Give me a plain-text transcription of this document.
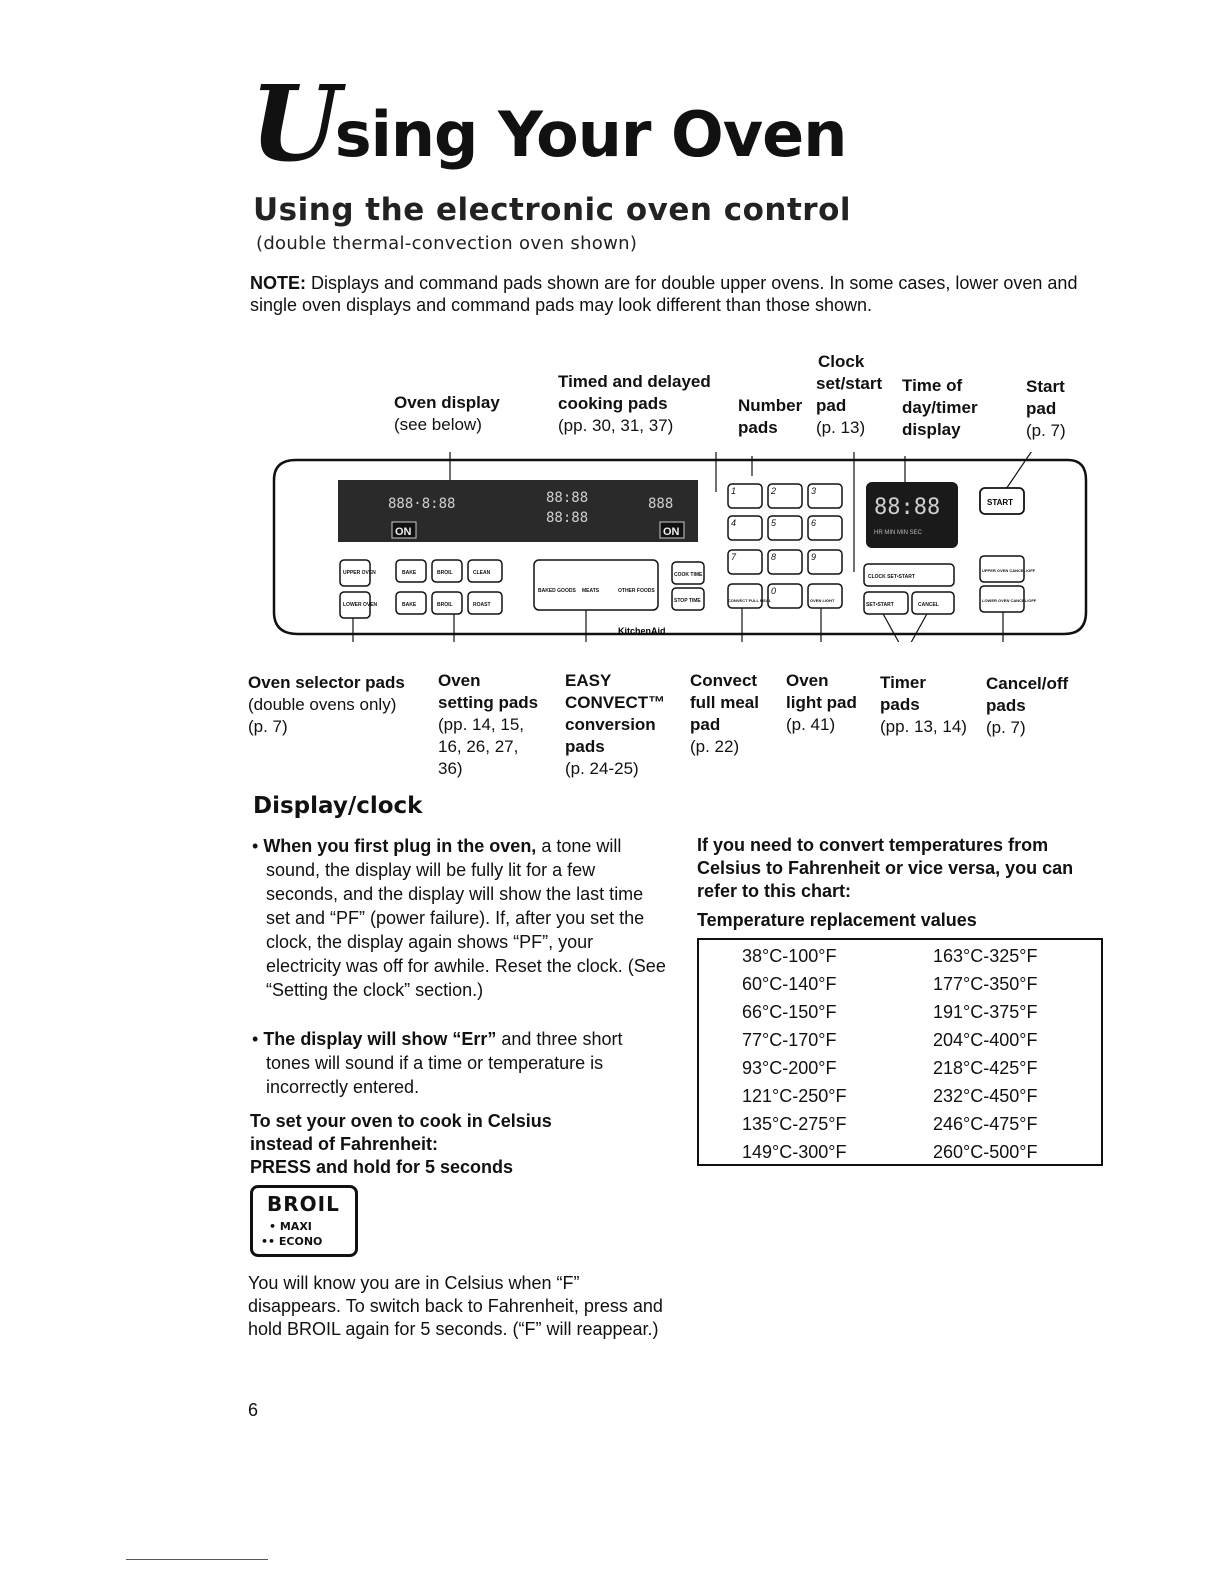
Using Your Oven
Using the electronic oven control
(double thermal-convection oven shown)
NOTE: Displays and command pads shown are for double upper ovens. In some cases, lower oven and single oven displays and command pads may look different than those shown.
Oven display
(see below)
Timed and delayed
cooking pads
(pp. 30, 31, 37)
Number
pads
Clock
set/start
pad
(p. 13)
Time of
day/timer
display
Start
pad
(p. 7)
888·8:88	88:88
88:88
888
ON	ON
1	2	3
4	5	6
7	8	9
0
88:88
HR MIN MIN SEC
START
UPPER OVEN
LOWER OVEN
BAKE	BROIL	CLEAN
BAKE	BROIL	ROAST
BAKED GOODS MEATS	OTHER FOODS
COOK TIME
STOP TIME
CLOCK SET•START
SET•START	CANCEL
UPPER OVEN CANCEL/OFF
LOWER OVEN CANCEL/OFF
CONVECT FULL MEAL	OVEN LIGHT
KitchenAid
Oven selector pads
(double ovens only)
(p. 7)
Oven
setting pads
(pp. 14, 15,
16, 26, 27,
36)
EASY
CONVECT™
conversion
pads
(p. 24-25)
Convect
full meal
pad
(p. 22)
Oven
light pad
(p. 41)
Timer
pads
(pp. 13, 14)
Cancel/off
pads
(p. 7)
Display/clock
• When you first plug in the oven, a tone will sound, the display will be fully lit for a few seconds, and the display will show the last time set and “PF” (power failure). If, after you set the clock, the display again shows “PF”, your electricity was off for awhile. Reset the clock. (See “Setting the clock” section.)
• The display will show “Err” and three short tones will sound if a time or temperature is incorrectly entered.
To set your oven to cook in Celsius
instead of Fahrenheit:
PRESS and hold for 5 seconds
BROIL
• MAXI
•• ECONO
You will know you are in Celsius when “F” disappears. To switch back to Fahrenheit, press and hold BROIL again for 5 seconds. (“F” will reappear.)
6
If you need to convert temperatures from Celsius to Fahrenheit or vice versa, you can refer to this chart:
Temperature replacement values
38°C-100°F	163°C-325°F
60°C-140°F	177°C-350°F
66°C-150°F	191°C-375°F
77°C-170°F	204°C-400°F
93°C-200°F	218°C-425°F
121°C-250°F	232°C-450°F
135°C-275°F	246°C-475°F
149°C-300°F	260°C-500°F
